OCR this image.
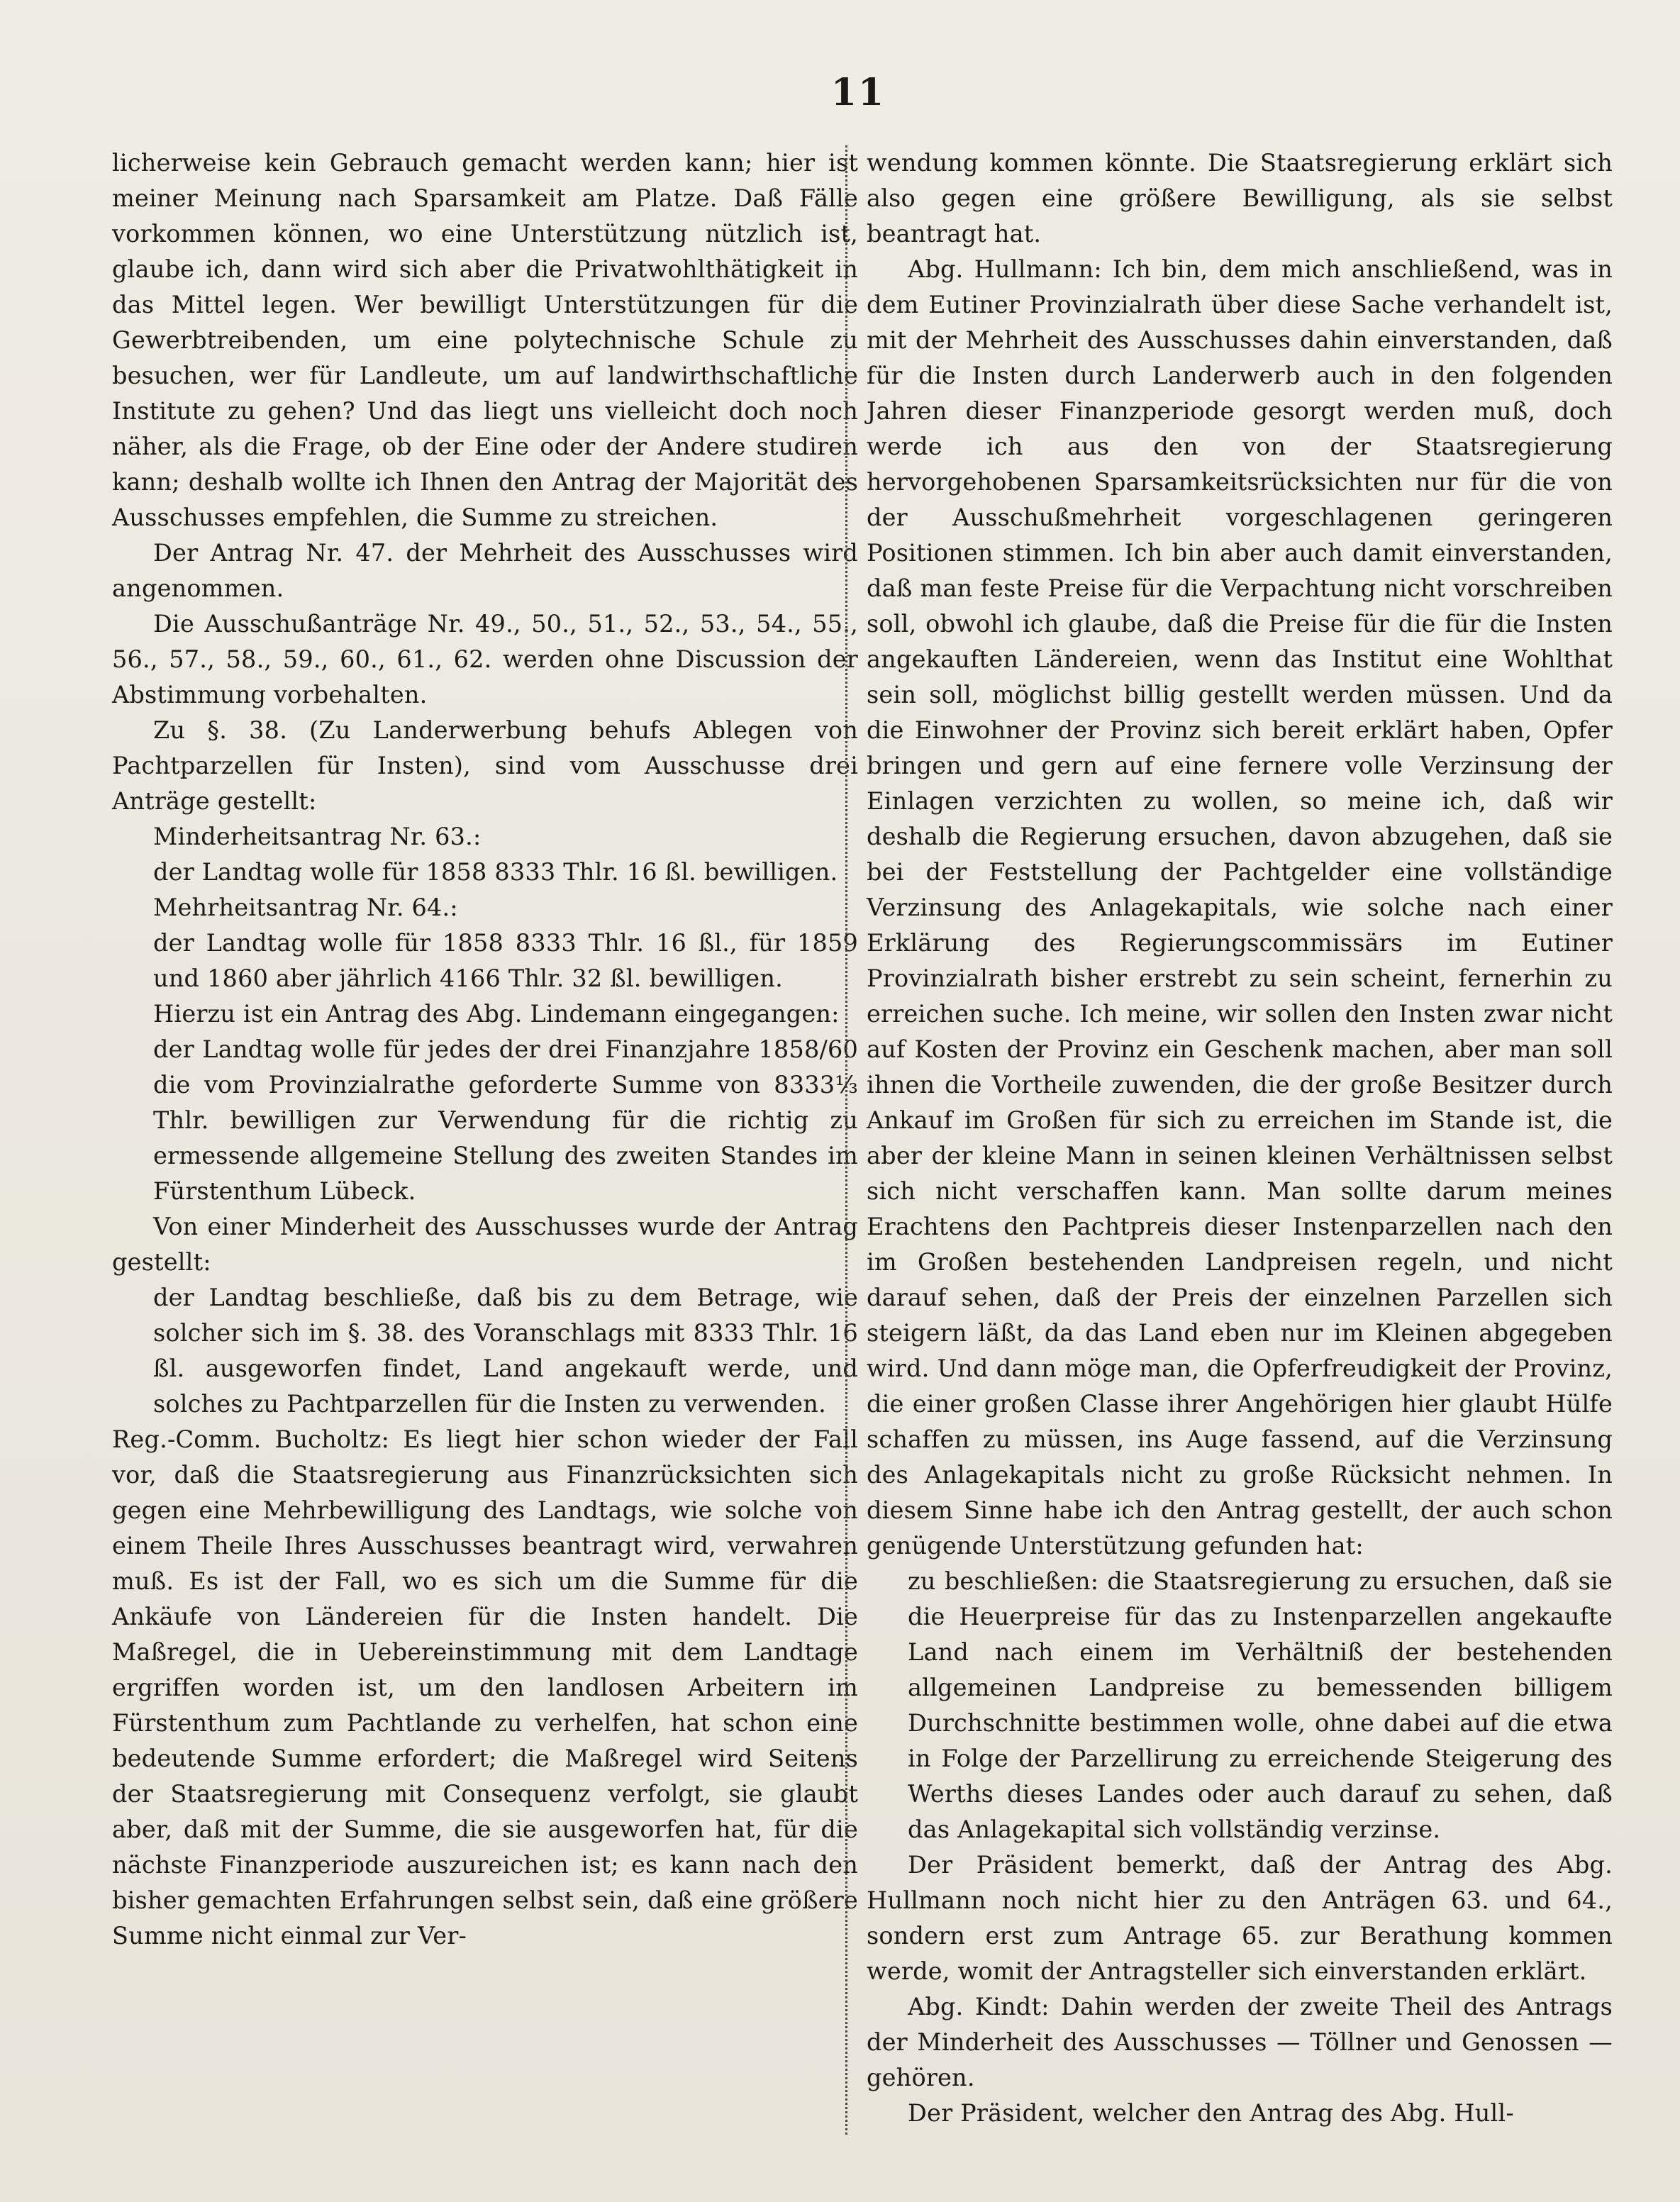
11

licherweise kein Gebrauch gemacht werden kann; hier ist meiner Meinung nach Sparsamkeit am Platze. Daß Fälle vorkommen können, wo eine Unterstützung nützlich ist, glaube ich, dann wird sich aber die Privatwohlthätigkeit in das Mittel legen. Wer bewilligt Unterstützungen für die Gewerbtreibenden, um eine polytechnische Schule zu besuchen, wer für Landleute, um auf landwirthschaftliche Institute zu gehen? Und das liegt uns vielleicht doch noch näher, als die Frage, ob der Eine oder der Andere studiren kann; deshalb wollte ich Ihnen den Antrag der Majorität des Ausschusses empfehlen, die Summe zu streichen.

Der Antrag Nr. 47. der Mehrheit des Ausschusses wird angenommen.

Die Ausschußanträge Nr. 49., 50., 51., 52., 53., 54., 55., 56., 57., 58., 59., 60., 61., 62. werden ohne Discussion der Abstimmung vorbehalten.

Zu §. 38. (Zu Landerwerbung behufs Ablegen von Pachtparzellen für Insten), sind vom Ausschusse drei Anträge gestellt:

Minderheitsantrag Nr. 63.:

der Landtag wolle für 1858 8333 Thlr. 16 ßl. bewilligen.

Mehrheitsantrag Nr. 64.:

der Landtag wolle für 1858 8333 Thlr. 16 ßl., für 1859 und 1860 aber jährlich 4166 Thlr. 32 ßl. bewilligen.

Hierzu ist ein Antrag des Abg. Lindemann eingegangen:

der Landtag wolle für jedes der drei Finanzjahre 1858/60 die vom Provinzialrathe geforderte Summe von 8333⅓ Thlr. bewilligen zur Verwendung für die richtig zu ermessende allgemeine Stellung des zweiten Standes im Fürstenthum Lübeck.

Von einer Minderheit des Ausschusses wurde der Antrag gestellt:

der Landtag beschließe, daß bis zu dem Betrage, wie solcher sich im §. 38. des Voranschlags mit 8333 Thlr. 16 ßl. ausgeworfen findet, Land angekauft werde, und solches zu Pachtparzellen für die Insten zu verwenden.

Reg.-Comm. Bucholtz: Es liegt hier schon wieder der Fall vor, daß die Staatsregierung aus Finanzrücksichten sich gegen eine Mehrbewilligung des Landtags, wie solche von einem Theile Ihres Ausschusses beantragt wird, verwahren muß. Es ist der Fall, wo es sich um die Summe für die Ankäufe von Ländereien für die Insten handelt. Die Maßregel, die in Uebereinstimmung mit dem Landtage ergriffen worden ist, um den landlosen Arbeitern im Fürstenthum zum Pachtlande zu verhelfen, hat schon eine bedeutende Summe erfordert; die Maßregel wird Seitens der Staatsregierung mit Consequenz verfolgt, sie glaubt aber, daß mit der Summe, die sie ausgeworfen hat, für die nächste Finanzperiode auszureichen ist; es kann nach den bisher gemachten Erfahrungen selbst sein, daß eine größere Summe nicht einmal zur Ver-

wendung kommen könnte. Die Staatsregierung erklärt sich also gegen eine größere Bewilligung, als sie selbst beantragt hat.

Abg. Hullmann: Ich bin, dem mich anschließend, was in dem Eutiner Provinzialrath über diese Sache verhandelt ist, mit der Mehrheit des Ausschusses dahin einverstanden, daß für die Insten durch Landerwerb auch in den folgenden Jahren dieser Finanzperiode gesorgt werden muß, doch werde ich aus den von der Staatsregierung hervorgehobenen Sparsamkeitsrücksichten nur für die von der Ausschußmehrheit vorgeschlagenen geringeren Positionen stimmen. Ich bin aber auch damit einverstanden, daß man feste Preise für die Verpachtung nicht vorschreiben soll, obwohl ich glaube, daß die Preise für die für die Insten angekauften Ländereien, wenn das Institut eine Wohlthat sein soll, möglichst billig gestellt werden müssen. Und da die Einwohner der Provinz sich bereit erklärt haben, Opfer bringen und gern auf eine fernere volle Verzinsung der Einlagen verzichten zu wollen, so meine ich, daß wir deshalb die Regierung ersuchen, davon abzugehen, daß sie bei der Feststellung der Pachtgelder eine vollständige Verzinsung des Anlagekapitals, wie solche nach einer Erklärung des Regierungscommissärs im Eutiner Provinzialrath bisher erstrebt zu sein scheint, fernerhin zu erreichen suche. Ich meine, wir sollen den Insten zwar nicht auf Kosten der Provinz ein Geschenk machen, aber man soll ihnen die Vortheile zuwenden, die der große Besitzer durch Ankauf im Großen für sich zu erreichen im Stande ist, die aber der kleine Mann in seinen kleinen Verhältnissen selbst sich nicht verschaffen kann. Man sollte darum meines Erachtens den Pachtpreis dieser Instenparzellen nach den im Großen bestehenden Landpreisen regeln, und nicht darauf sehen, daß der Preis der einzelnen Parzellen sich steigern läßt, da das Land eben nur im Kleinen abgegeben wird. Und dann möge man, die Opferfreudigkeit der Provinz, die einer großen Classe ihrer Angehörigen hier glaubt Hülfe schaffen zu müssen, ins Auge fassend, auf die Verzinsung des Anlagekapitals nicht zu große Rücksicht nehmen. In diesem Sinne habe ich den Antrag gestellt, der auch schon genügende Unterstützung gefunden hat:

zu beschließen: die Staatsregierung zu ersuchen, daß sie die Heuerpreise für das zu Instenparzellen angekaufte Land nach einem im Verhältniß der bestehenden allgemeinen Landpreise zu bemessenden billigem Durchschnitte bestimmen wolle, ohne dabei auf die etwa in Folge der Parzellirung zu erreichende Steigerung des Werths dieses Landes oder auch darauf zu sehen, daß das Anlagekapital sich vollständig verzinse.

Der Präsident bemerkt, daß der Antrag des Abg. Hullmann noch nicht hier zu den Anträgen 63. und 64., sondern erst zum Antrage 65. zur Berathung kommen werde, womit der Antragsteller sich einverstanden erklärt.

Abg. Kindt: Dahin werden der zweite Theil des Antrags der Minderheit des Ausschusses — Töllner und Genossen — gehören.

Der Präsident, welcher den Antrag des Abg. Hull-
